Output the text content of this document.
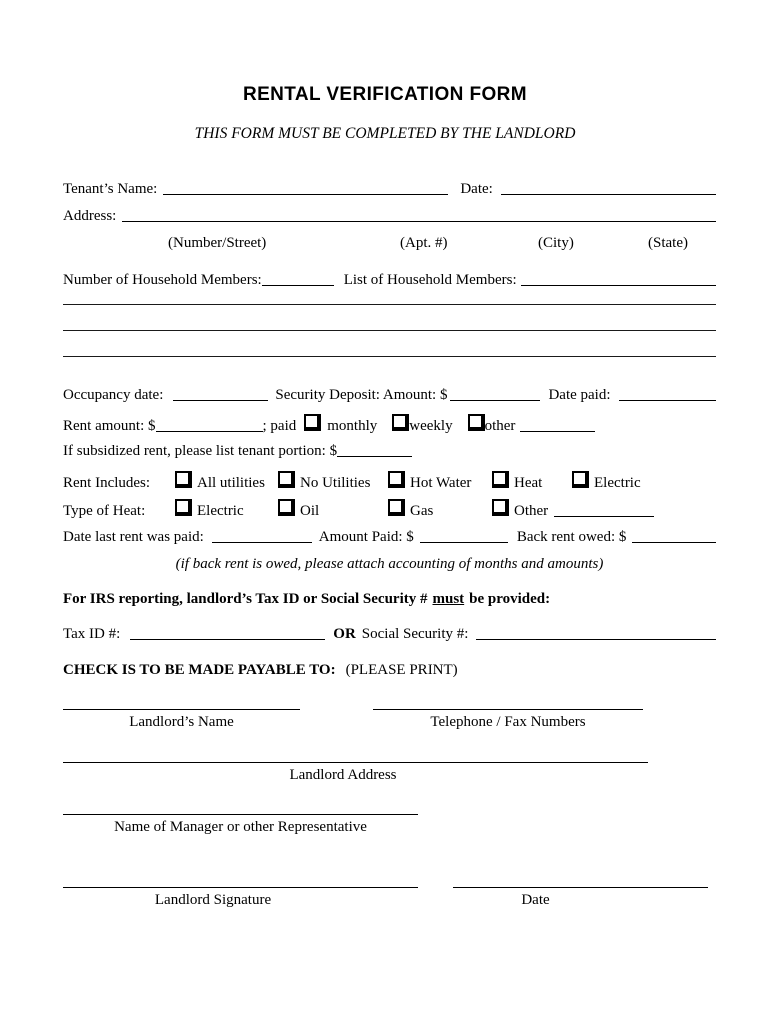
RENTAL VERIFICATION FORM
THIS FORM MUST BE COMPLETED BY THE LANDLORD
Tenant’s Name:	Date:
Address:
(Number/Street)	(Apt. #)	(City)	(State)
Number of Household Members:	List of Household Members:
Occupancy date:	Security Deposit: Amount: $	Date paid:
Rent amount: $	; paid monthly weekly other
If subsidized rent, please list tenant portion: $
Rent Includes:	All utilities No Utilities	Hot Water	Heat	Electric
Type of Heat:	Electric	Oil	Gas	Other
Date last rent was paid:	Amount Paid: $	Back rent owed: $
(if back rent is owed, please attach accounting of months and amounts)
For IRS reporting, landlord’s Tax ID or Social Security # must be provided:
Tax ID #:	OR Social Security #:
CHECK IS TO BE MADE PAYABLE TO: (PLEASE PRINT)
Landlord’s Name	Telephone / Fax Numbers
Landlord Address
Name of Manager or other Representative
Landlord Signature	Date
